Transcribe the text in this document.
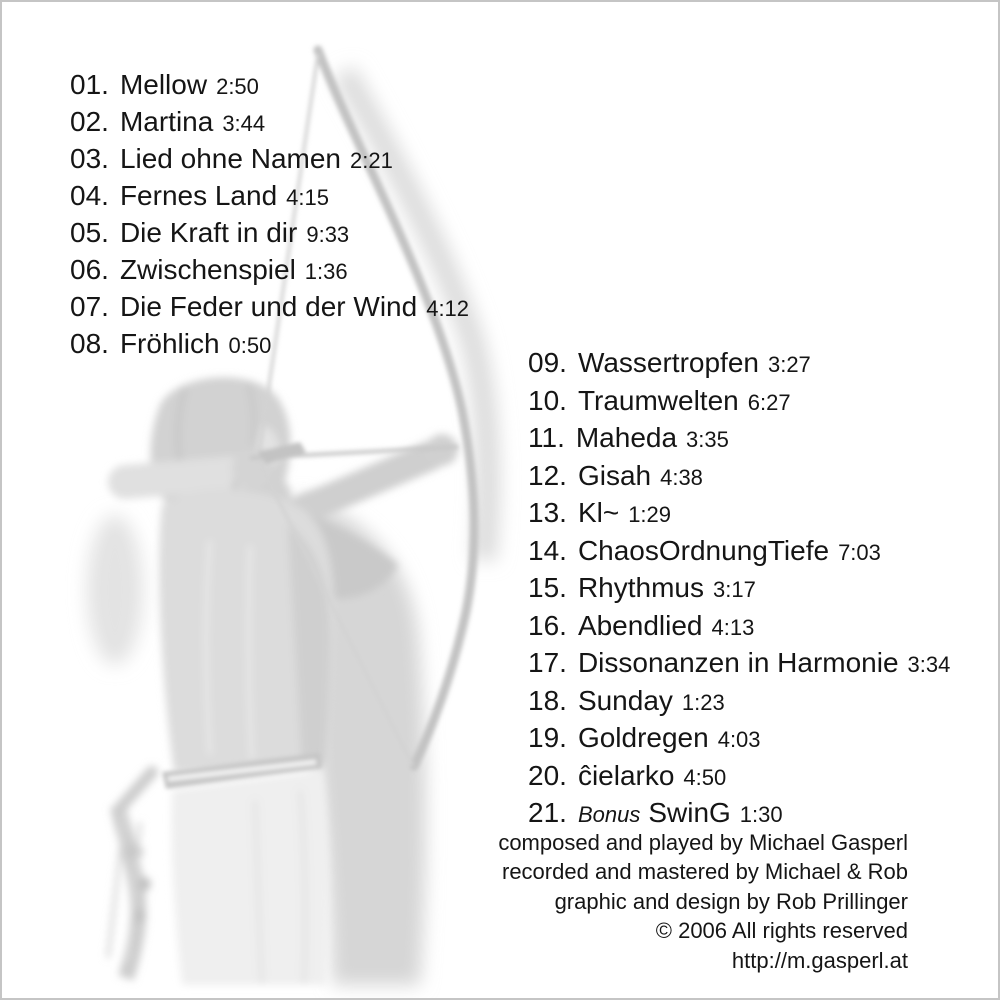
01. Mellow 2:50
02. Martina 3:44
03. Lied ohne Namen 2:21
04. Fernes Land 4:15
05. Die Kraft in dir 9:33
06. Zwischenspiel 1:36
07. Die Feder und der Wind 4:12
08. Fröhlich 0:50
09. Wassertropfen 3:27
10. Traumwelten 6:27
11. Maheda 3:35
12. Gisah 4:38
13. Kl~ 1:29
14. ChaosOrdnungTiefe 7:03
15. Rhythmus 3:17
16. Abendlied 4:13
17. Dissonanzen in Harmonie 3:34
18. Sunday 1:23
19. Goldregen 4:03
20. ĉielarko 4:50
21. Bonus SwinG 1:30
composed and played by Michael Gasperl
recorded and mastered by Michael & Rob
graphic and design by Rob Prillinger
© 2006 All rights reserved
http://m.gasperl.at
